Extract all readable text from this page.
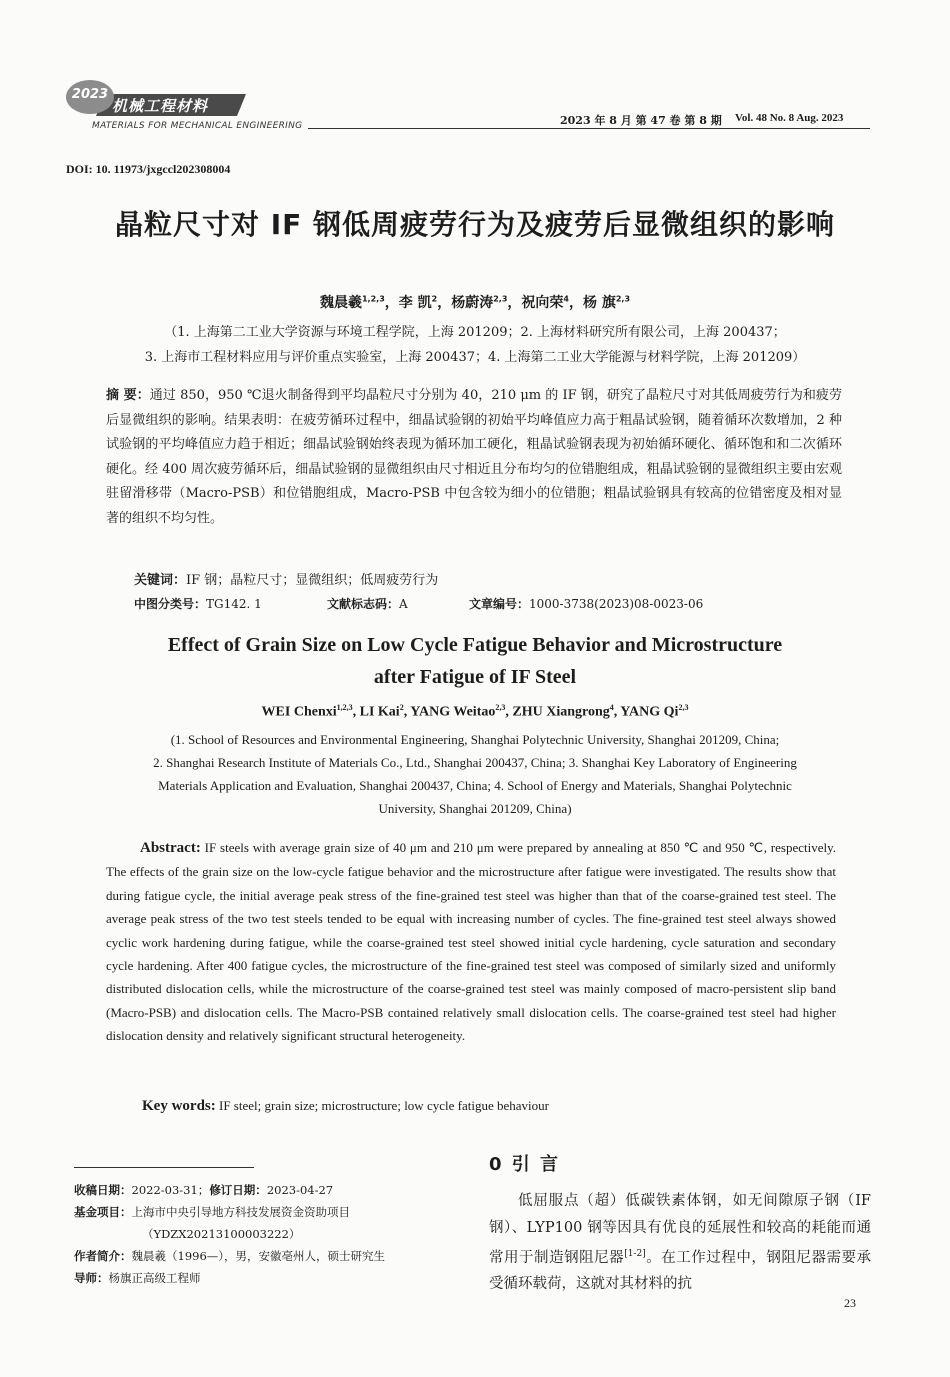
2023
机械工程材料
MATERIALS FOR MECHANICAL ENGINEERING	2023 年 8 月 第 47 卷 第 8 期 Vol. 48 No. 8 Aug. 2023
DOI: 10. 11973/jxgccl202308004
晶粒尺寸对 IF 钢低周疲劳行为及疲劳后显微组织的影响
魏晨羲$^{1,2,3}$，李 凯$^2$，杨蔚涛$^{2,3}$，祝向荣$^4$，杨 旗$^{2,3}$
（1. 上海第二工业大学资源与环境工程学院，上海 201209；2. 上海材料研究所有限公司，上海 200437；
3. 上海市工程材料应用与评价重点实验室，上海 200437；4. 上海第二工业大学能源与材料学院，上海 201209）
摘 要：通过 850，950 ℃退火制备得到平均晶粒尺寸分别为 40，210 μm 的 IF 钢，研究了晶粒尺寸对其低周疲劳行为和疲劳后显微组织的影响。结果表明：在疲劳循环过程中，细晶试验钢的初始平均峰值应力高于粗晶试验钢，随着循环次数增加，2 种试验钢的平均峰值应力趋于相近；细晶试验钢始终表现为循环加工硬化，粗晶试验钢表现为初始循环硬化、循环饱和和二次循环硬化。经 400 周次疲劳循环后，细晶试验钢的显微组织由尺寸相近且分布均匀的位错胞组成，粗晶试验钢的显微组织主要由宏观驻留滑移带（Macro-PSB）和位错胞组成，Macro-PSB 中包含较为细小的位错胞；粗晶试验钢具有较高的位错密度及相对显著的组织不均匀性。
关键词：IF 钢；晶粒尺寸；显微组织；低周疲劳行为
中图分类号：TG142. 1	文献标志码：A	文章编号：1000-3738(2023)08-0023-06
Effect of Grain Size on Low Cycle Fatigue Behavior and Microstructure
after Fatigue of IF Steel
WEI Chenxi$^{1,2,3}$, LI Kai$^2$, YANG Weitao$^{2,3}$, ZHU Xiangrong$^4$, YANG Qi$^{2,3}$
(1. School of Resources and Environmental Engineering, Shanghai Polytechnic University, Shanghai 201209, China;
2. Shanghai Research Institute of Materials Co., Ltd., Shanghai 200437, China; 3. Shanghai Key Laboratory of Engineering
Materials Application and Evaluation, Shanghai 200437, China; 4. School of Energy and Materials, Shanghai Polytechnic
University, Shanghai 201209, China)
Abstract: IF steels with average grain size of 40 μm and 210 μm were prepared by annealing at 850 ℃ and 950 ℃, respectively. The effects of the grain size on the low-cycle fatigue behavior and the microstructure after fatigue were investigated. The results show that during fatigue cycle, the initial average peak stress of the fine-grained test steel was higher than that of the coarse-grained test steel. The average peak stress of the two test steels tended to be equal with increasing number of cycles. The fine-grained test steel always showed cyclic work hardening during fatigue, while the coarse-grained test steel showed initial cycle hardening, cycle saturation and secondary cycle hardening. After 400 fatigue cycles, the microstructure of the fine-grained test steel was composed of similarly sized and uniformly distributed dislocation cells, while the microstructure of the coarse-grained test steel was mainly composed of macro-persistent slip band (Macro-PSB) and dislocation cells. The Macro-PSB contained relatively small dislocation cells. The coarse-grained test steel had higher dislocation density and relatively significant structural heterogeneity.
Key words: IF steel; grain size; microstructure; low cycle fatigue behaviour
收稿日期：2022-03-31；修订日期：2023-04-27
基金项目：上海市中央引导地方科技发展资金资助项目
（YDZX20213100003222）
作者简介：魏晨羲（1996—），男，安徽亳州人，硕士研究生
导师：杨旗正高级工程师
0 引 言
低屈服点（超）低碳铁素体钢，如无间隙原子钢（IF 钢）、LYP100 钢等因具有优良的延展性和较高的耗能而通常用于制造钢阻尼器[1-2]。在工作过程中，钢阻尼器需要承受循环载荷，这就对其材料的抗
23
